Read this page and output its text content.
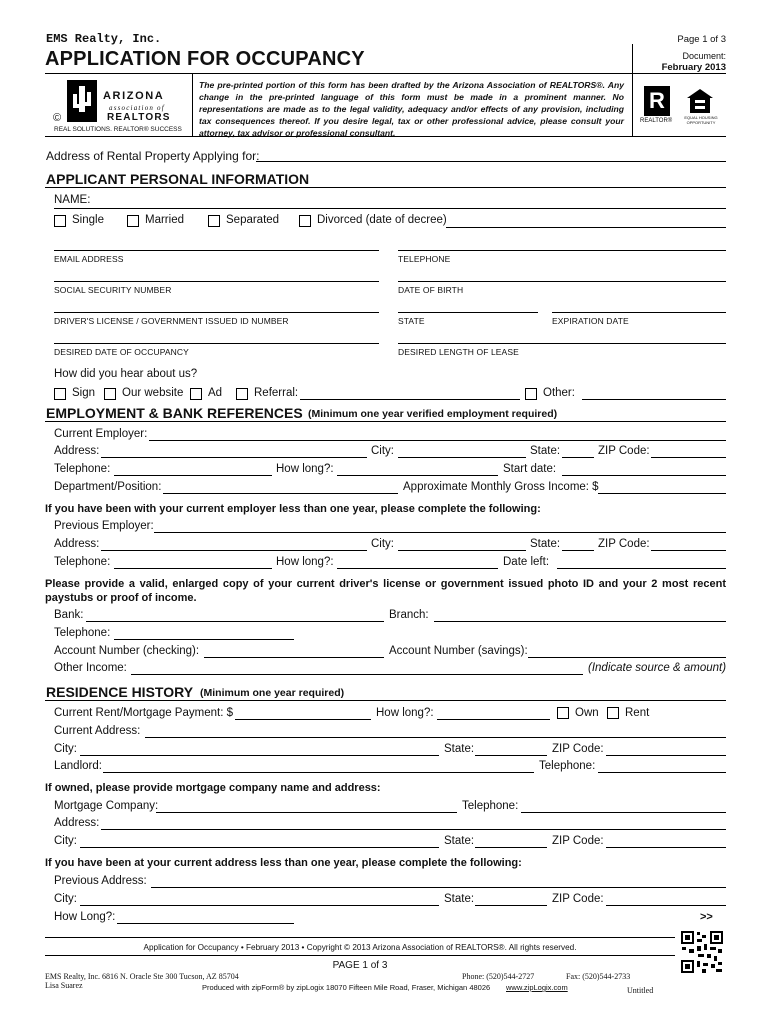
EMS Realty, Inc.
APPLICATION FOR OCCUPANCY
Page 1 of 3
Document:
February 2013
©
ARIZONA
association of
REALTORS
REAL SOLUTIONS. REALTOR® SUCCESS
The pre-printed portion of this form has been drafted by the Arizona Association of REALTORS®. Any change in the pre-printed language of this form must be made in a prominent manner. No representations are made as to the legal validity, adequacy and/or effects of any provision, including tax consequences thereof. If you desire legal, tax or other professional advice, please consult your attorney, tax advisor or professional consultant.
R
REALTOR®
EQUAL HOUSING OPPORTUNITY
Address of Rental Property Applying for:
APPLICANT PERSONAL INFORMATION
NAME:
Single	Married	Separated	Divorced (date of decree)
EMAIL ADDRESS	TELEPHONE
SOCIAL SECURITY NUMBER	DATE OF BIRTH
DRIVER'S LICENSE / GOVERNMENT ISSUED ID NUMBER	STATE	EXPIRATION DATE
DESIRED DATE OF OCCUPANCY	DESIRED LENGTH OF LEASE
How did you hear about us?
Sign Our website Ad	Referral:	Other:
EMPLOYMENT & BANK REFERENCES (Minimum one year verified employment required)
Current Employer:
Address:	City:	State:	ZIP Code:
Telephone:	How long?:	Start date:
Department/Position:	Approximate Monthly Gross Income: $
If you have been with your current employer less than one year, please complete the following:
Previous Employer:
Address:	City:	State:	ZIP Code:
Telephone:	How long?:	Date left:
Please provide a valid, enlarged copy of your current driver's license or government issued photo ID and your 2 most recent paystubs or proof of income.
Bank:	Branch:
Telephone:
Account Number (checking):	Account Number (savings):
Other Income:	(Indicate source & amount)
RESIDENCE HISTORY (Minimum one year required)
Current Rent/Mortgage Payment: $	How long?:	Own Rent
Current Address:
City:	State:	ZIP Code:
Landlord:	Telephone:
If owned, please provide mortgage company name and address:
Mortgage Company:	Telephone:
Address:
City:	State:	ZIP Code:
If you have been at your current address less than one year, please complete the following:
Previous Address:
City:	State:	ZIP Code:
How Long?:	>>
Application for Occupancy • February 2013 • Copyright © 2013 Arizona Association of REALTORS®. All rights reserved.
PAGE 1 of 3
EMS Realty, Inc. 6816 N. Oracle Ste 300 Tucson, AZ 85704
Lisa Suarez
Phone: (520)544-2727	Fax: (520)544-2733
Produced with zipForm® by zipLogix 18070 Fifteen Mile Road, Fraser, Michigan 48026 www.zipLogix.com	Untitled
